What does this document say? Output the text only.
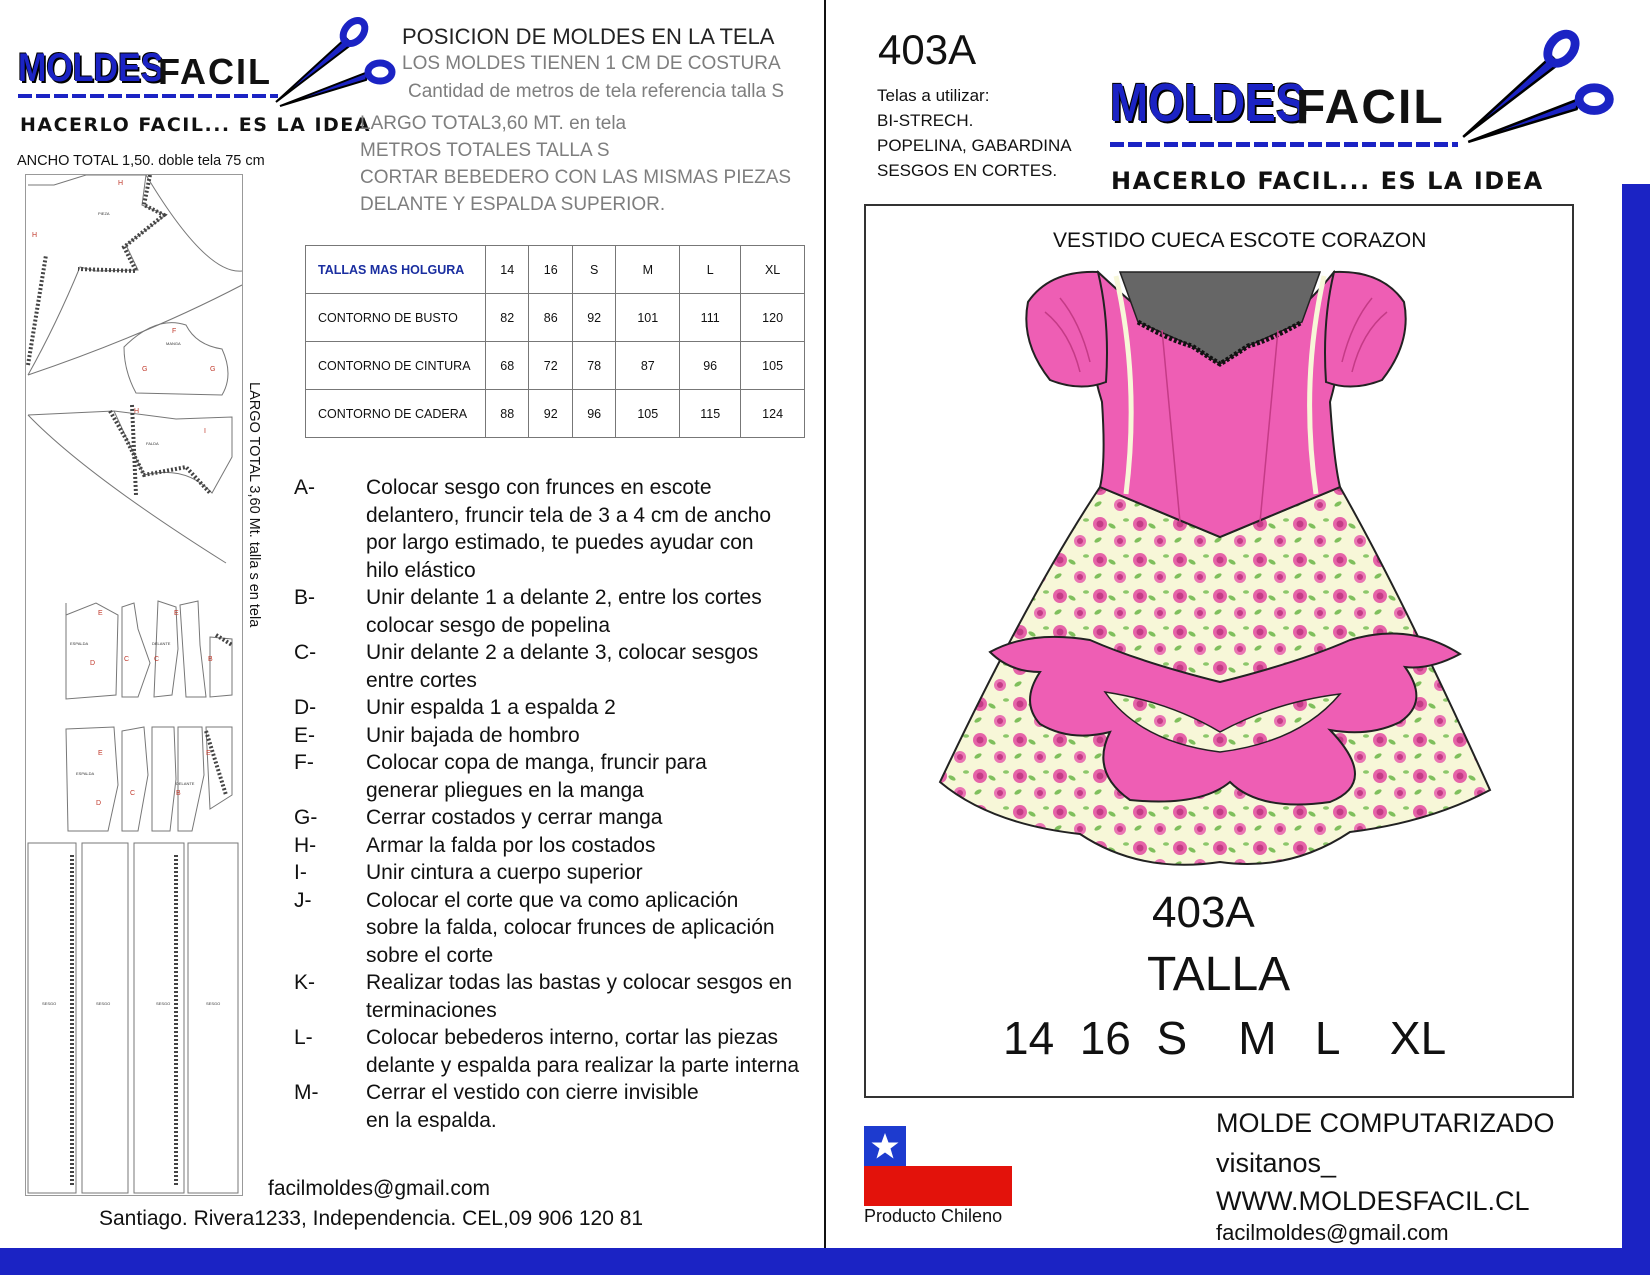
MOLDES
FACIL
HACERLO FACIL... ES LA IDEA
ANCHO TOTAL 1,50. doble tela 75 cm
H
H
F
G	G
H
I
E	E
D
C	C	B
E	E
D
C	B
PIEZA
MANGA
FALDA
ESPALDA	DELANTE
ESPALDA
DELANTE
SESGO	SESGO	SESGO	SESGO
LARGO TOTAL 3,60 Mt. talla s en tela
POSICION DE MOLDES EN LA TELA
LOS MOLDES TIENEN 1 CM DE COSTURA
Cantidad de metros de tela referencia talla S
LARGO TOTAL3,60 MT. en tela
METROS TOTALES TALLA S
CORTAR BEBEDERO CON LAS MISMAS PIEZAS
DELANTE Y ESPALDA SUPERIOR.
TALLAS MAS HOLGURA	14	16	S	M	L	XL
CONTORNO DE BUSTO	82	86	92	101	111	120
CONTORNO DE CINTURA	68	72	78	87	96	105
CONTORNO DE CADERA	88	92	96	105	115	124
A- Colocar sesgo con frunces en escote
delantero, fruncir tela de 3 a 4 cm de ancho
por largo estimado, te puedes ayudar con
hilo elástico
B- Unir delante 1 a delante 2, entre los cortes
colocar sesgo de popelina
C- Unir delante 2 a delante 3, colocar sesgos
entre cortes
D- Unir espalda 1 a espalda 2
E- Unir bajada de hombro
F- Colocar copa de manga, fruncir para
generar pliegues en la manga
G- Cerrar costados y cerrar manga
H- Armar la falda por los costados
I-	Unir cintura a cuerpo superior
J-	Colocar el corte que va como aplicación
sobre la falda, colocar frunces de aplicación
sobre el corte
K- Realizar todas las bastas y colocar sesgos en
terminaciones
L-	Colocar bebederos interno, cortar las piezas
delante y espalda para realizar la parte interna
M- Cerrar el vestido con cierre invisible
en la espalda.
facilmoldes@gmail.com
Santiago. Rivera1233, Independencia. CEL,09 906 120 81
403A
Telas a utilizar:
BI-STRECH.
POPELINA, GABARDINA
SESGOS EN CORTES.
MOLDES
FACIL
HACERLO FACIL... ES LA IDEA
VESTIDO CUECA ESCOTE CORAZON
403A
TALLA
14  16  S    M   L    XL
Producto Chileno
MOLDE COMPUTARIZADO
visitanos_
WWW.MOLDESFACIL.CL
facilmoldes@gmail.com
